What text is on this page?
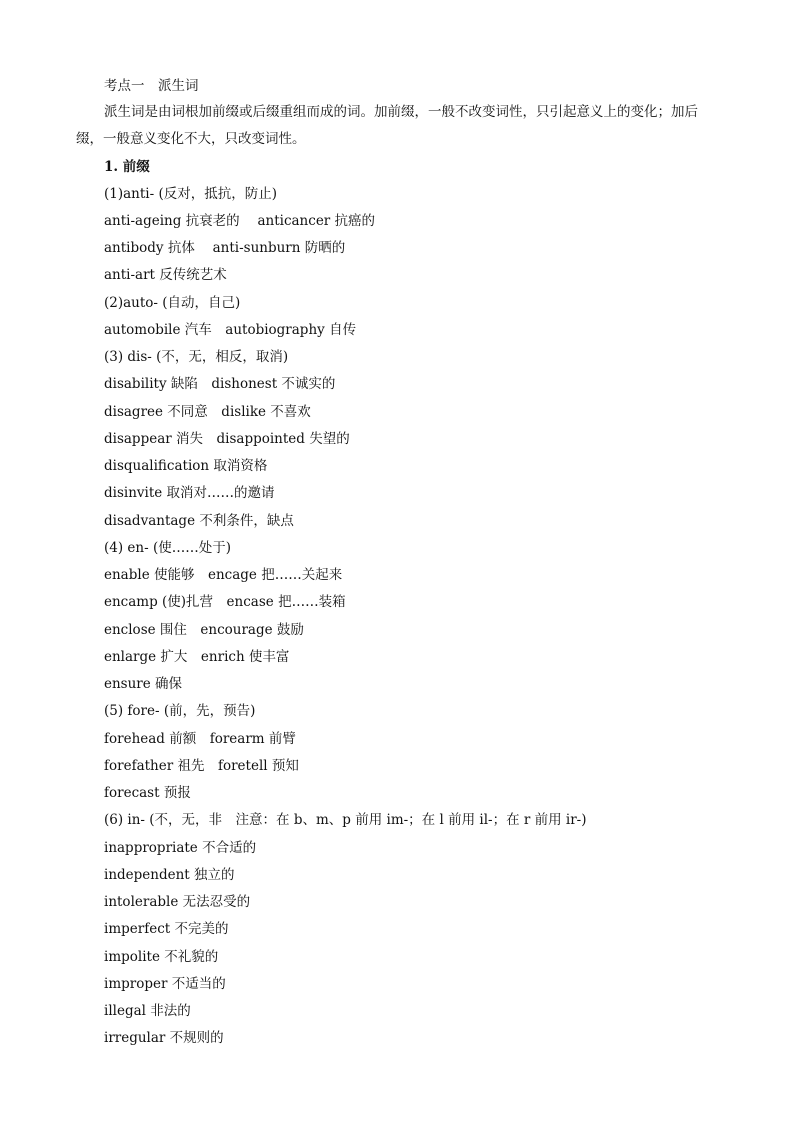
考点一　派生词
派生词是由词根加前缀或后缀重组而成的词。加前缀，一般不改变词性，只引起意义上的变化；加后缀，一般意义变化不大，只改变词性。
1. 前缀
(1)anti- (反对，抵抗，防止)
anti-ageing 抗衰老的　 anticancer 抗癌的
antibody 抗体　 anti-sunburn 防晒的
anti-art 反传统艺术
(2)auto- (自动，自己)
automobile 汽车　autobiography 自传
(3) dis- (不，无，相反，取消)
disability 缺陷　dishonest 不诚实的
disagree 不同意　dislike 不喜欢
disappear 消失　disappointed 失望的
disqualification 取消资格
disinvite 取消对……的邀请
disadvantage 不利条件，缺点
(4) en- (使……处于)
enable 使能够　encage 把……关起来
encamp (使)扎营　encase 把……装箱
enclose 围住　encourage 鼓励
enlarge 扩大　enrich 使丰富
ensure 确保
(5) fore- (前，先，预告)
forehead 前额　forearm 前臂
forefather 祖先　foretell 预知
forecast 预报
(6) in- (不，无，非　注意：在 b、m、p 前用 im-；在 l 前用 il-；在 r 前用 ir-)
inappropriate 不合适的
independent 独立的
intolerable 无法忍受的
imperfect 不完美的
impolite 不礼貌的
improper 不适当的
illegal 非法的
irregular 不规则的
